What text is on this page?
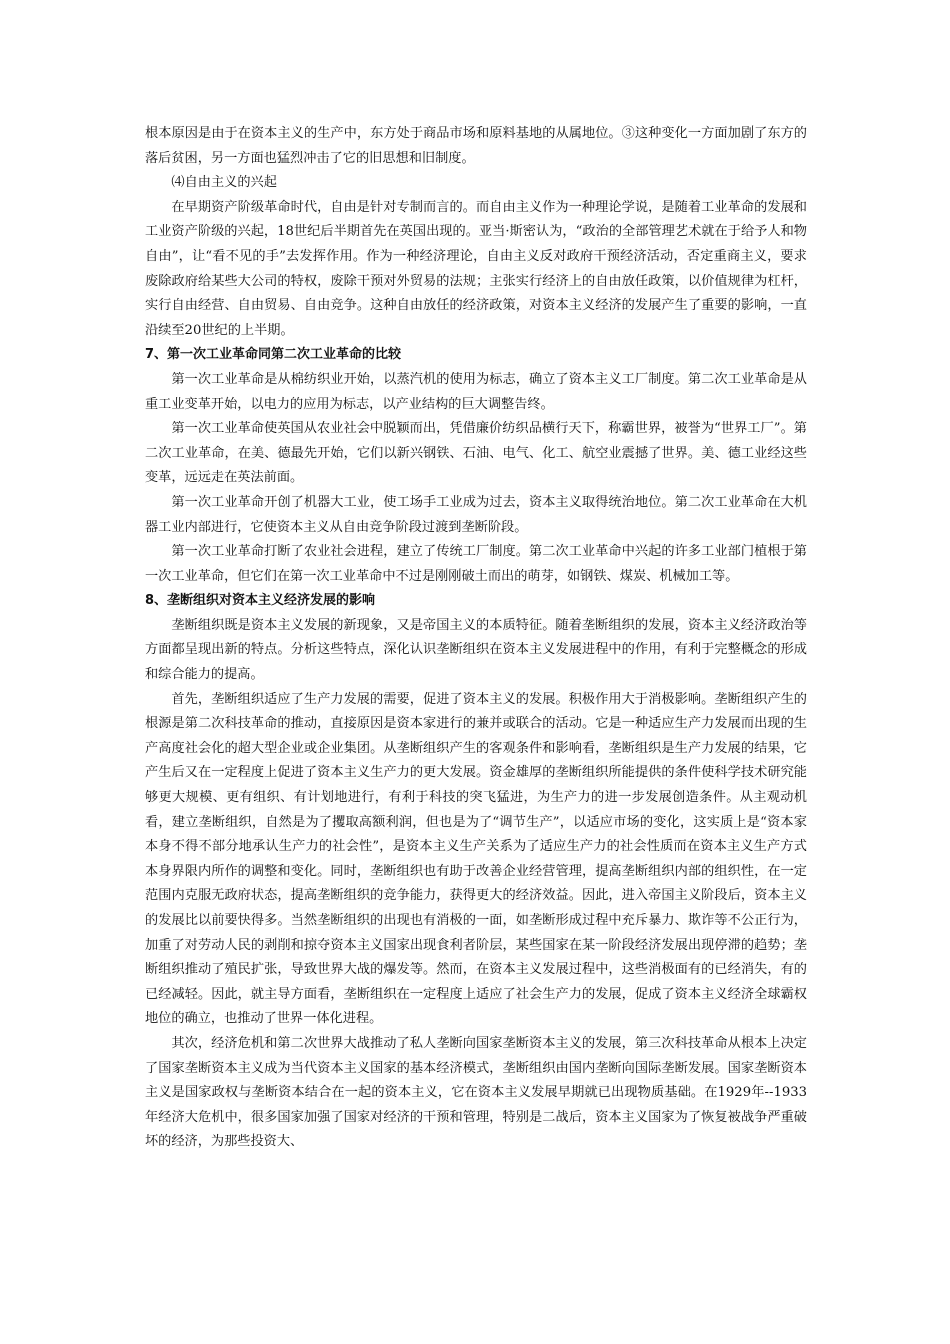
根本原因是由于在资本主义的生产中，东方处于商品市场和原料基地的从属地位。③这种变化一方面加剧了东方的落后贫困，另一方面也猛烈冲击了它的旧思想和旧制度。

⑷自由主义的兴起

在早期资产阶级革命时代，自由是针对专制而言的。而自由主义作为一种理论学说，是随着工业革命的发展和工业资产阶级的兴起，18世纪后半期首先在英国出现的。亚当·斯密认为，“政治的全部管理艺术就在于给予人和物自由”，让“看不见的手”去发挥作用。作为一种经济理论，自由主义反对政府干预经济活动，否定重商主义，要求废除政府给某些大公司的特权，废除干预对外贸易的法规；主张实行经济上的自由放任政策，以价值规律为杠杆，实行自由经营、自由贸易、自由竞争。这种自由放任的经济政策，对资本主义经济的发展产生了重要的影响，一直沿续至20世纪的上半期。

7、第一次工业革命同第二次工业革命的比较

第一次工业革命是从棉纺织业开始，以蒸汽机的使用为标志，确立了资本主义工厂制度。第二次工业革命是从重工业变革开始，以电力的应用为标志，以产业结构的巨大调整告终。

第一次工业革命使英国从农业社会中脱颖而出，凭借廉价纺织品横行天下，称霸世界，被誉为“世界工厂”。第二次工业革命，在美、德最先开始，它们以新兴钢铁、石油、电气、化工、航空业震撼了世界。美、德工业经这些变革，远远走在英法前面。

第一次工业革命开创了机器大工业，使工场手工业成为过去，资本主义取得统治地位。第二次工业革命在大机器工业内部进行，它使资本主义从自由竞争阶段过渡到垄断阶段。

第一次工业革命打断了农业社会进程，建立了传统工厂制度。第二次工业革命中兴起的许多工业部门植根于第一次工业革命，但它们在第一次工业革命中不过是刚刚破土而出的萌芽，如钢铁、煤炭、机械加工等。

8、垄断组织对资本主义经济发展的影响

垄断组织既是资本主义发展的新现象，又是帝国主义的本质特征。随着垄断组织的发展，资本主义经济政治等方面都呈现出新的特点。分析这些特点，深化认识垄断组织在资本主义发展进程中的作用，有利于完整概念的形成和综合能力的提高。

首先，垄断组织适应了生产力发展的需要，促进了资本主义的发展。积极作用大于消极影响。垄断组织产生的根源是第二次科技革命的推动，直接原因是资本家进行的兼并或联合的活动。它是一种适应生产力发展而出现的生产高度社会化的超大型企业或企业集团。从垄断组织产生的客观条件和影响看，垄断组织是生产力发展的结果，它产生后又在一定程度上促进了资本主义生产力的更大发展。资金雄厚的垄断组织所能提供的条件使科学技术研究能够更大规模、更有组织、有计划地进行，有利于科技的突飞猛进，为生产力的进一步发展创造条件。从主观动机看，建立垄断组织，自然是为了攫取高额利润，但也是为了“调节生产”，以适应市场的变化，这实质上是“资本家本身不得不部分地承认生产力的社会性”，是资本主义生产关系为了适应生产力的社会性质而在资本主义生产方式本身界限内所作的调整和变化。同时，垄断组织也有助于改善企业经营管理，提高垄断组织内部的组织性，在一定范围内克服无政府状态，提高垄断组织的竞争能力，获得更大的经济效益。因此，进入帝国主义阶段后，资本主义的发展比以前要快得多。当然垄断组织的出现也有消极的一面，如垄断形成过程中充斥暴力、欺诈等不公正行为，加重了对劳动人民的剥削和掠夺资本主义国家出现食利者阶层，某些国家在某一阶段经济发展出现停滞的趋势；垄断组织推动了殖民扩张，导致世界大战的爆发等。然而，在资本主义发展过程中，这些消极面有的已经消失，有的已经减轻。因此，就主导方面看，垄断组织在一定程度上适应了社会生产力的发展，促成了资本主义经济全球霸权地位的确立，也推动了世界一体化进程。

其次，经济危机和第二次世界大战推动了私人垄断向国家垄断资本主义的发展，第三次科技革命从根本上决定了国家垄断资本主义成为当代资本主义国家的基本经济模式，垄断组织由国内垄断向国际垄断发展。国家垄断资本主义是国家政权与垄断资本结合在一起的资本主义，它在资本主义发展早期就已出现物质基础。在1929年--1933年经济大危机中，很多国家加强了国家对经济的干预和管理，特别是二战后，资本主义国家为了恢复被战争严重破坏的经济，为那些投资大、
